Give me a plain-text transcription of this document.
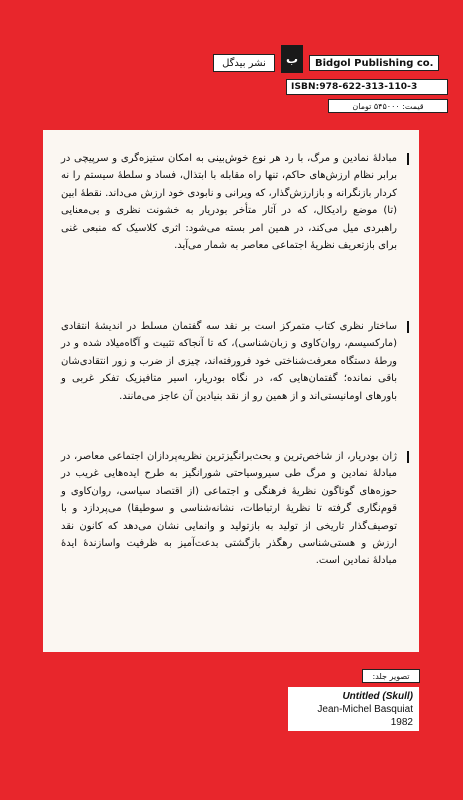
نشر بیدگل	ب	Bidgol Publishing co.
ISBN:978-622-313-110-3
قیمت: ۵۴۵۰۰۰ تومان
مبادلهٔ نمادین و مرگ، با رد هر نوع خوش‌بینی به امکان ستیزه‌گری و سرپیچی در برابر نظام ارزش‌های حاکم، تنها راه مقابله با ابتذال، فساد و سلطهٔ سیستم را نه کردار بازنگرانه و بازارزش‌گذار، که ویرانی و نابودی خود ارزش می‌داند. نقطهٔ ابین (تا) موضع رادیکال، که در آثار متأخر بودریار به خشونت نظری و بی‌معنایی راهبردی میل می‌کند، در همین امر بسته می‌شود: اثری کلاسیک که منبعی غنی برای بازتعریف نظریهٔ اجتماعی معاصر به شمار می‌آید.
ساختار نظری کتاب متمرکز است بر نقد سه گفتمان مسلط در اندیشهٔ انتقادی (مارکسیسم، روان‌کاوی و زبان‌شناسی)، که تا آنجاکه تثبیت و آگاه‌میلاد شده و در ورطهٔ دستگاه معرفت‌شناختی خود فرورفته‌اند، چیزی از ضرب و زور انتقادی‌شان باقی نمانده؛ گفتمان‌هایی که، در نگاه بودریار، اسیر متافیزیک تفکر غربی و باورهای اومانیستی‌اند و از همین رو از نقد بنیادین آن عاجز می‌مانند.
ژان بودریار، از شاخص‌ترین و بحث‌برانگیزترین نظریه‌پردازان اجتماعی معاصر، در مبادلهٔ نمادین و مرگ طی سیروسیاحتی شورانگیز به طرح ایده‌هایی غریب در حوزه‌های گوناگون نظریهٔ فرهنگی و اجتماعی (از اقتصاد سیاسی، روان‌کاوی و قوم‌نگاری گرفته تا نظریهٔ ارتباطات، نشانه‌شناسی و سوطیقا) می‌پردازد و با توصیف‌گذار تاریخی از تولید به بازتولید و وانمایی نشان می‌دهد که کانون نقد ارزش و هستی‌شناسی رهگذر بازگشتی بدعت‌آمیز به ظرفیت واسازندهٔ ایدهٔ مبادلهٔ نمادین است.
تصویر جلد:
Untitled (Skull)
Jean-Michel Basquiat
1982
